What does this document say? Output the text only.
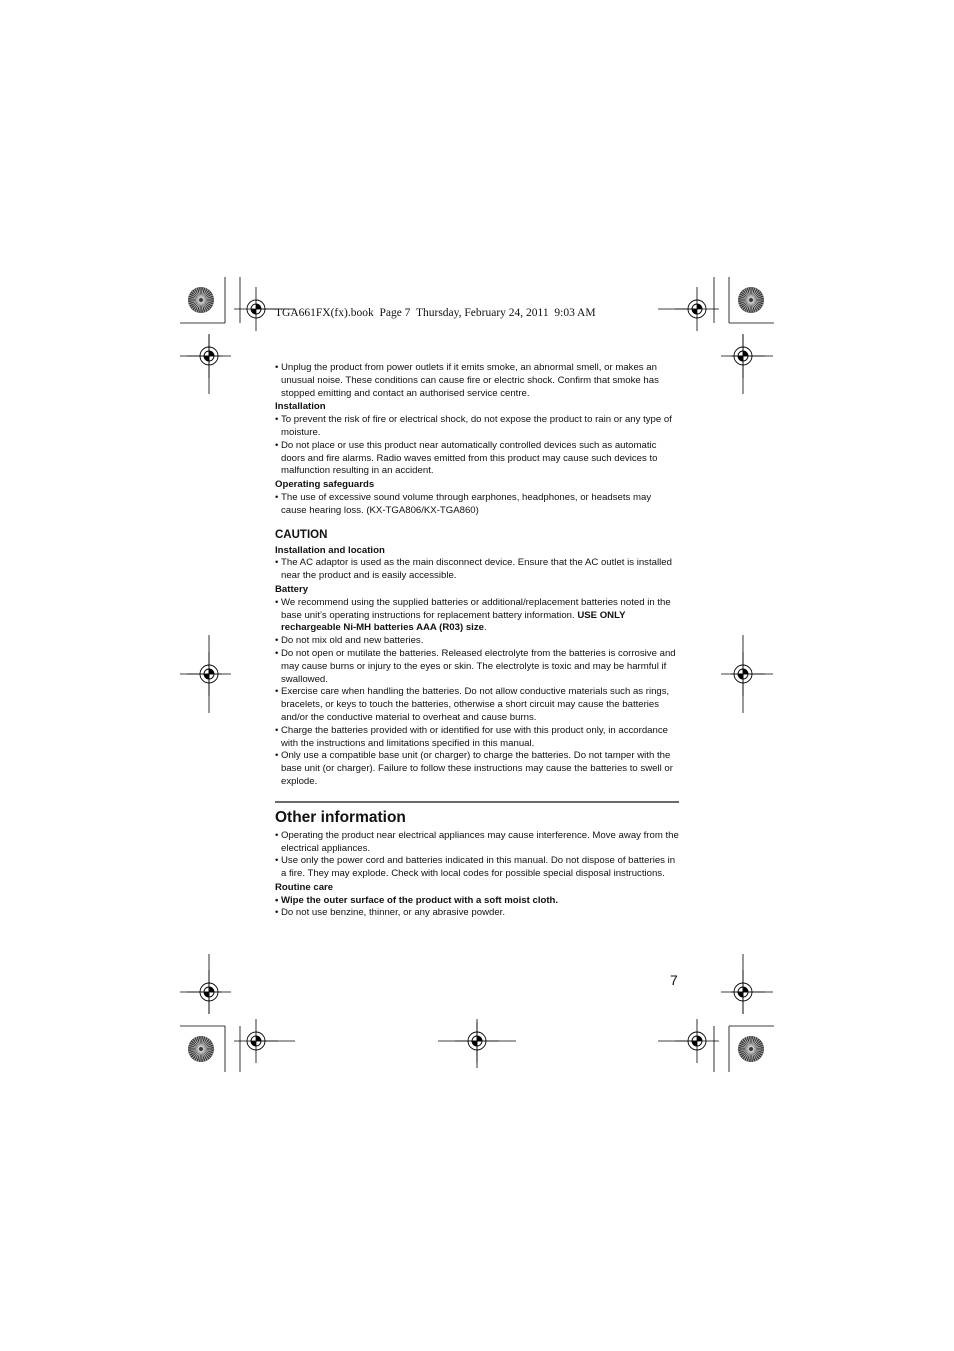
TGA661FX(fx).book  Page 7  Thursday, February 24, 2011  9:03 AM

• Unplug the product from power outlets if it emits smoke, an abnormal smell, or makes an unusual noise. These conditions can cause fire or electric shock. Confirm that smoke has stopped emitting and contact an authorised service centre.

Installation

• To prevent the risk of fire or electrical shock, do not expose the product to rain or any type of moisture.

• Do not place or use this product near automatically controlled devices such as automatic doors and fire alarms. Radio waves emitted from this product may cause such devices to malfunction resulting in an accident.

Operating safeguards

• The use of excessive sound volume through earphones, headphones, or headsets may cause hearing loss. (KX-TGA806/KX-TGA860)

CAUTION

Installation and location

• The AC adaptor is used as the main disconnect device. Ensure that the AC outlet is installed near the product and is easily accessible.

Battery

• We recommend using the supplied batteries or additional/replacement batteries noted in the base unit’s operating instructions for replacement battery information. USE ONLY rechargeable Ni-MH batteries AAA (R03) size.

• Do not mix old and new batteries.

• Do not open or mutilate the batteries. Released electrolyte from the batteries is corrosive and may cause burns or injury to the eyes or skin. The electrolyte is toxic and may be harmful if swallowed.

• Exercise care when handling the batteries. Do not allow conductive materials such as rings, bracelets, or keys to touch the batteries, otherwise a short circuit may cause the batteries and/or the conductive material to overheat and cause burns.

• Charge the batteries provided with or identified for use with this product only, in accordance with the instructions and limitations specified in this manual.

• Only use a compatible base unit (or charger) to charge the batteries. Do not tamper with the base unit (or charger). Failure to follow these instructions may cause the batteries to swell or explode.

Other information

• Operating the product near electrical appliances may cause interference. Move away from the electrical appliances.

• Use only the power cord and batteries indicated in this manual. Do not dispose of batteries in a fire. They may explode. Check with local codes for possible special disposal instructions.

Routine care

• Wipe the outer surface of the product with a soft moist cloth.

• Do not use benzine, thinner, or any abrasive powder.

7
